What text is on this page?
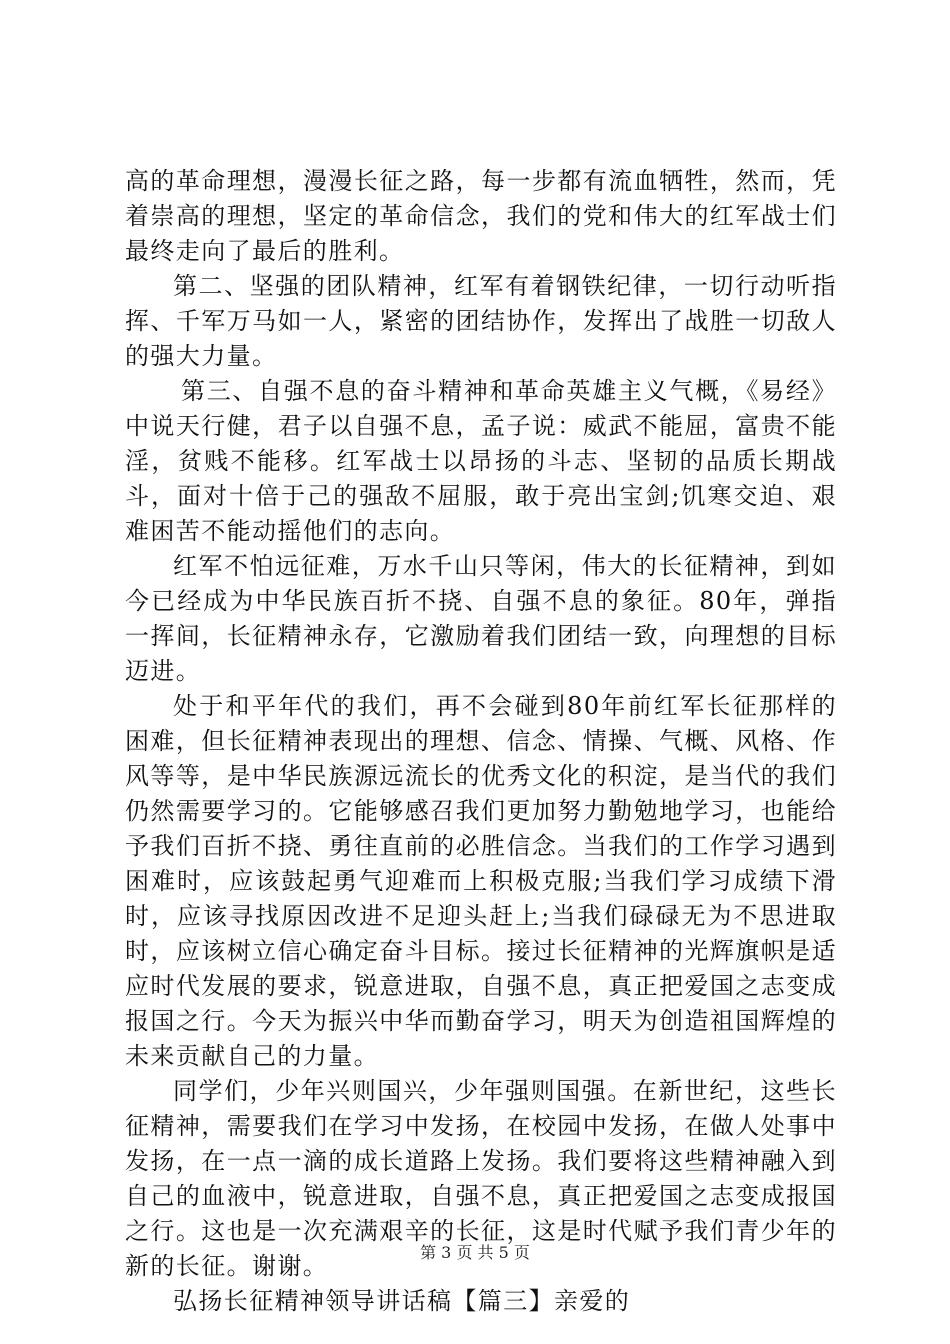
高的革命理想，漫漫长征之路，每一步都有流血牺牲，然而，凭着崇高的理想，坚定的革命信念，我们的党和伟大的红军战士们最终走向了最后的胜利。

第二、坚强的团队精神，红军有着钢铁纪律，一切行动听指挥、千军万马如一人，紧密的团结协作，发挥出了战胜一切敌人的强大力量。

第三、自强不息的奋斗精神和革命英雄主义气概，《易经》中说天行健，君子以自强不息，孟子说：威武不能屈，富贵不能淫，贫贱不能移。红军战士以昂扬的斗志、坚韧的品质长期战斗，面对十倍于己的强敌不屈服，敢于亮出宝剑;饥寒交迫、艰难困苦不能动摇他们的志向。

红军不怕远征难，万水千山只等闲，伟大的长征精神，到如今已经成为中华民族百折不挠、自强不息的象征。80年，弹指一挥间，长征精神永存，它激励着我们团结一致，向理想的目标迈进。

处于和平年代的我们，再不会碰到80年前红军长征那样的困难，但长征精神表现出的理想、信念、情操、气概、风格、作风等等，是中华民族源远流长的优秀文化的积淀，是当代的我们仍然需要学习的。它能够感召我们更加努力勤勉地学习，也能给予我们百折不挠、勇往直前的必胜信念。当我们的工作学习遇到困难时，应该鼓起勇气迎难而上积极克服;当我们学习成绩下滑时，应该寻找原因改进不足迎头赶上;当我们碌碌无为不思进取时，应该树立信心确定奋斗目标。接过长征精神的光辉旗帜是适应时代发展的要求，锐意进取，自强不息，真正把爱国之志变成报国之行。今天为振兴中华而勤奋学习，明天为创造祖国辉煌的未来贡献自己的力量。

同学们，少年兴则国兴，少年强则国强。在新世纪，这些长征精神，需要我们在学习中发扬，在校园中发扬，在做人处事中发扬，在一点一滴的成长道路上发扬。我们要将这些精神融入到自己的血液中，锐意进取，自强不息，真正把爱国之志变成报国之行。这也是一次充满艰辛的长征，这是时代赋予我们青少年的新的长征。谢谢。

弘扬长征精神领导讲话稿【篇三】亲爱的

第 3 页 共 5 页
